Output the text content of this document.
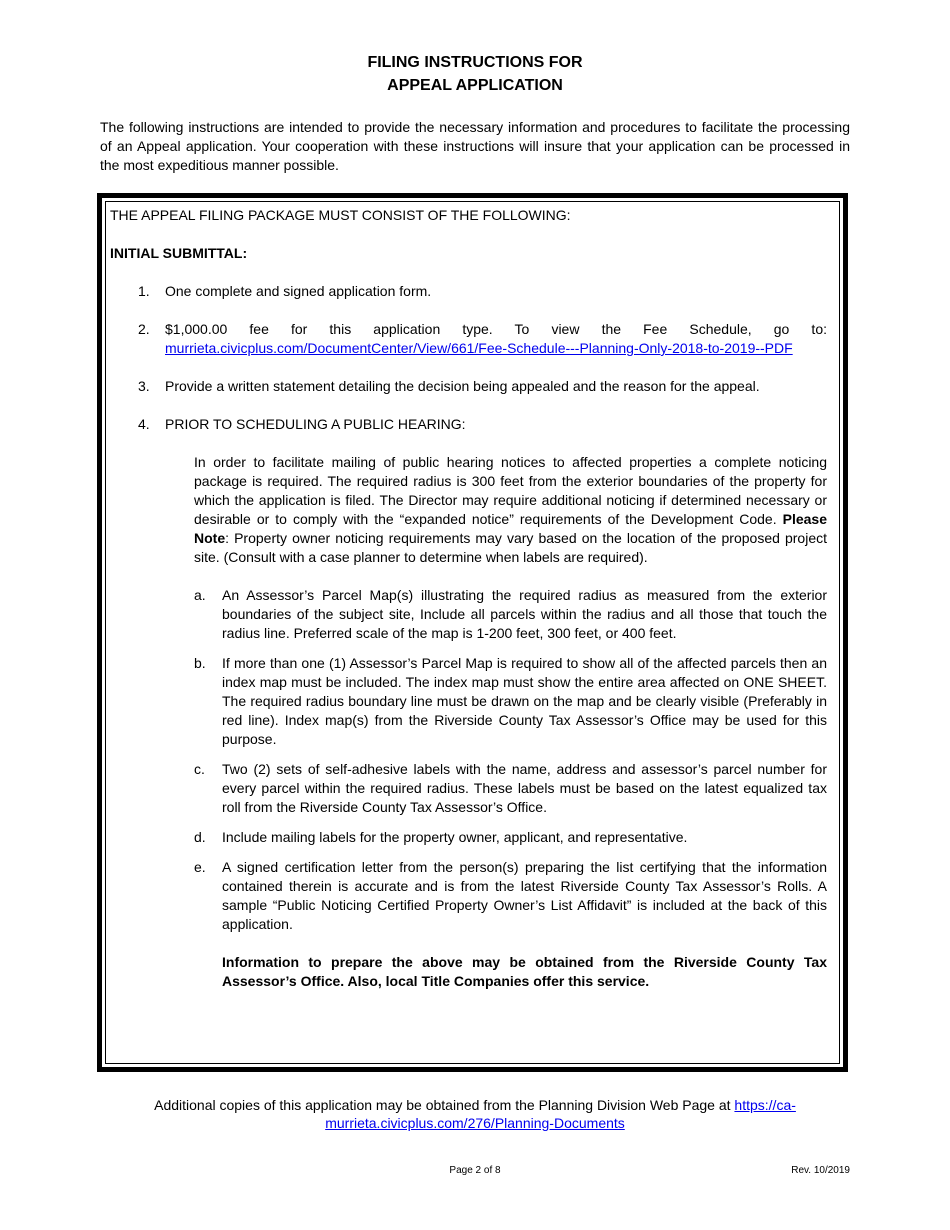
FILING INSTRUCTIONS FOR
APPEAL APPLICATION

The following instructions are intended to provide the necessary information and procedures to facilitate the processing of an Appeal application. Your cooperation with these instructions will insure that your application can be processed in the most expeditious manner possible.

THE APPEAL FILING PACKAGE MUST CONSIST OF THE FOLLOWING:

INITIAL SUBMITTAL:

1. One complete and signed application form.
2. $1,000.00 fee for this application type. To view the Fee Schedule, go to:
murrieta.civicplus.com/DocumentCenter/View/661/Fee-Schedule---Planning-Only-2018-to-2019--PDF
3. Provide a written statement detailing the decision being appealed and the reason for the appeal.
4. PRIOR TO SCHEDULING A PUBLIC HEARING:

In order to facilitate mailing of public hearing notices to affected properties a complete noticing package is required. The required radius is 300 feet from the exterior boundaries of the property for which the application is filed. The Director may require additional noticing if determined necessary or desirable or to comply with the “expanded notice” requirements of the Development Code. Please Note: Property owner noticing requirements may vary based on the location of the proposed project site. (Consult with a case planner to determine when labels are required).

a. An Assessor’s Parcel Map(s) illustrating the required radius as measured from the exterior boundaries of the subject site, Include all parcels within the radius and all those that touch the radius line. Preferred scale of the map is 1-200 feet, 300 feet, or 400 feet.
b. If more than one (1) Assessor’s Parcel Map is required to show all of the affected parcels then an index map must be included. The index map must show the entire area affected on ONE SHEET. The required radius boundary line must be drawn on the map and be clearly visible (Preferably in red line). Index map(s) from the Riverside County Tax Assessor’s Office may be used for this purpose.
c. Two (2) sets of self-adhesive labels with the name, address and assessor’s parcel number for every parcel within the required radius. These labels must be based on the latest equalized tax roll from the Riverside County Tax Assessor’s Office.
d. Include mailing labels for the property owner, applicant, and representative.
e. A signed certification letter from the person(s) preparing the list certifying that the information contained therein is accurate and is from the latest Riverside County Tax Assessor’s Rolls. A sample “Public Noticing Certified Property Owner’s List Affidavit” is included at the back of this application.

Information to prepare the above may be obtained from the Riverside County Tax Assessor’s Office. Also, local Title Companies offer this service.

Additional copies of this application may be obtained from the Planning Division Web Page at https://ca-murrieta.civicplus.com/276/Planning-Documents
Page 2 of 8	Rev. 10/2019
